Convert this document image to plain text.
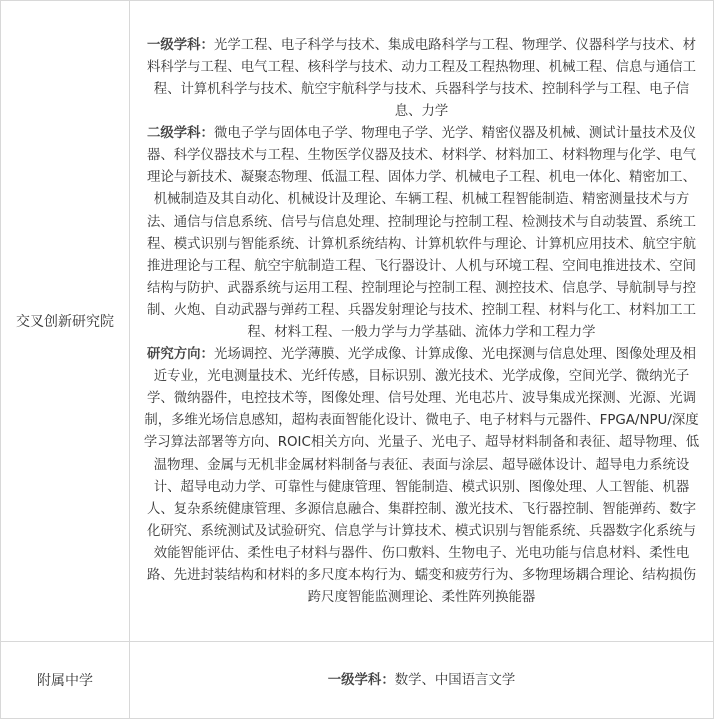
交叉创新研究院	一级学科：光学工程、电子科学与技术、集成电路科学与工程、物理学、仪器科学与技术、材料科学与工程、电气工程、核科学与技术、动力工程及工程热物理、机械工程、信息与通信工程、计算机科学与技术、航空宇航科学与技术、兵器科学与技术、控制科学与工程、电子信息、力学

二级学科：微电子学与固体电子学、物理电子学、光学、精密仪器及机械、测试计量技术及仪器、科学仪器技术与工程、生物医学仪器及技术、材料学、材料加工、材料物理与化学、电气理论与新技术、凝聚态物理、低温工程、固体力学、机械电子工程、机电一体化、精密加工、机械制造及其自动化、机械设计及理论、车辆工程、机械工程智能制造、精密测量技术与方法、通信与信息系统、信号与信息处理、控制理论与控制工程、检测技术与自动装置、系统工程、模式识别与智能系统、计算机系统结构、计算机软件与理论、计算机应用技术、航空宇航推进理论与工程、航空宇航制造工程、飞行器设计、人机与环境工程、空间电推进技术、空间结构与防护、武器系统与运用工程、控制理论与控制工程、测控技术、信息学、导航制导与控制、火炮、自动武器与弹药工程、兵器发射理论与技术、控制工程、材料与化工、材料加工工程、材料工程、一般力学与力学基础、流体力学和工程力学

研究方向：光场调控、光学薄膜、光学成像、计算成像、光电探测与信息处理、图像处理及相近专业，光电测量技术、光纤传感，目标识别、激光技术、光学成像，空间光学、微纳光子学、微纳器件，电控技术等，图像处理、信号处理、光电芯片、波导集成光探测、光源、光调制，多维光场信息感知，超构表面智能化设计、微电子、电子材料与元器件、FPGA/NPU/深度学习算法部署等方向、ROIC相关方向、光量子、光电子、超导材料制备和表征、超导物理、低温物理、金属与无机非金属材料制备与表征、表面与涂层、超导磁体设计、超导电力系统设计、超导电动力学、可靠性与健康管理、智能制造、模式识别、图像处理、人工智能、机器人、复杂系统健康管理、多源信息融合、集群控制、激光技术、飞行器控制、智能弹药、数字化研究、系统测试及试验研究、信息学与计算技术、模式识别与智能系统、兵器数字化系统与效能智能评估、柔性电子材料与器件、伤口敷料、生物电子、光电功能与信息材料、柔性电路、先进封装结构和材料的多尺度本构行为、蠕变和疲劳行为、多物理场耦合理论、结构损伤跨尺度智能监测理论、柔性阵列换能器

附属中学	一级学科：数学、中国语言文学
